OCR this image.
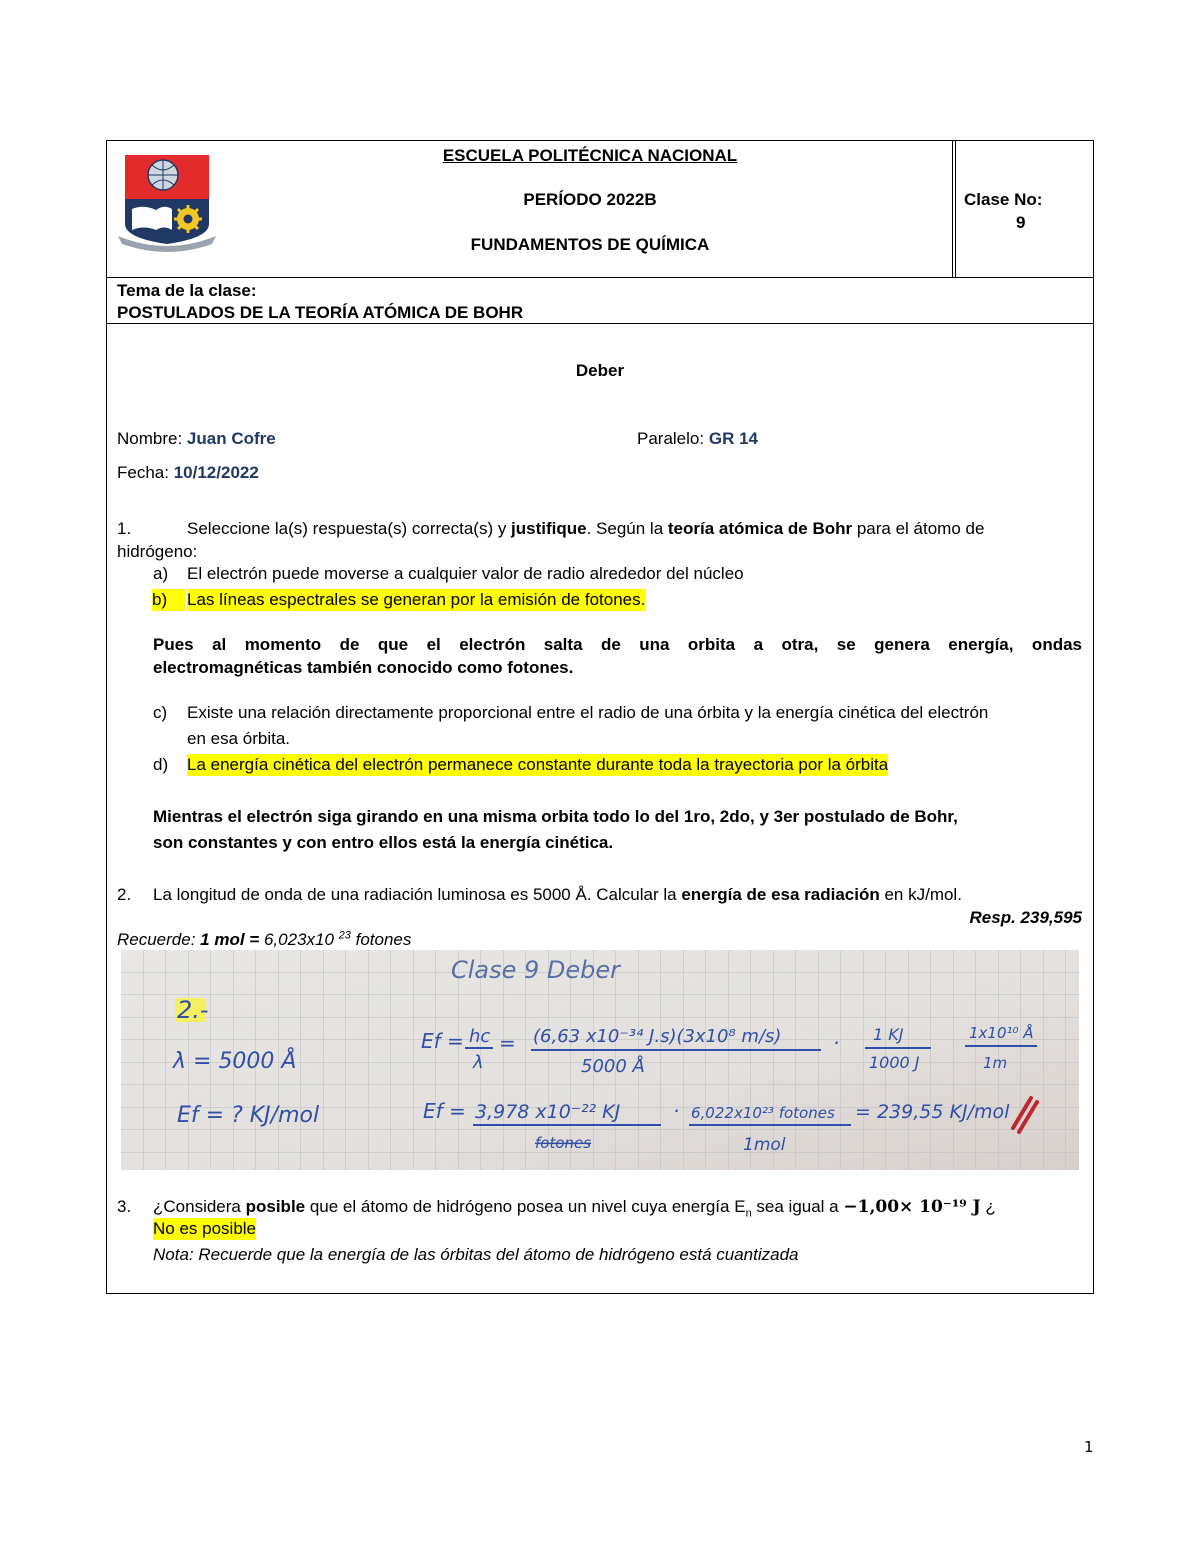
ESCUELA POLITÉCNICA NACIONAL
PERÍODO 2022B
FUNDAMENTOS DE QUÍMICA
Clase No:
9
Tema de la clase:
POSTULADOS DE LA TEORÍA ATÓMICA DE BOHR
Deber
Nombre: Juan Cofre	Paralelo: GR 14
Fecha: 10/12/2022
1.	Seleccione la(s) respuesta(s) correcta(s) y justifique. Según la teoría atómica de Bohr para el átomo de
hidrógeno:
a) El electrón puede moverse a cualquier valor de radio alrededor del núcleo
b)	Las líneas espectrales se generan por la emisión de fotones.
Pues al momento de que el electrón salta de una orbita a otra, se genera energía, ondas
electromagnéticas también conocido como fotones.
c) Existe una relación directamente proporcional entre el radio de una órbita y la energía cinética del electrón
en esa órbita.
d) La energía cinética del electrón permanece constante durante toda la trayectoria por la órbita
Mientras el electrón siga girando en una misma orbita todo lo del 1ro, 2do, y 3er postulado de Bohr,
son constantes y con entro ellos está la energía cinética.
2. La longitud de onda de una radiación luminosa es 5000 Å. Calcular la energía de esa radiación en kJ/mol.
Resp. 239,595
Recuerde: 1 mol = 6,023x10 $^{23}$ fotones
Clase 9 Deber
2.-
λ = 5000 Å
Ef = ? KJ/mol
Ef = hc
λ
= (6,63 x10⁻³⁴ J.s)(3x10⁸ m/s)
5000 Å
· 1 KJ
1000 J
1x10¹⁰ Å
1m
Ef = 3,978 x10⁻²² KJ
fotones
· 6,022x10²³ fotones
1mol
= 239,55 KJ/mol
3. ¿Considera posible que el átomo de hidrógeno posea un nivel cuya energía $E_n$ sea igual a −1,00× 10⁻¹⁹ J ¿
No es posible
Nota: Recuerde que la energía de las órbitas del átomo de hidrógeno está cuantizada
1
